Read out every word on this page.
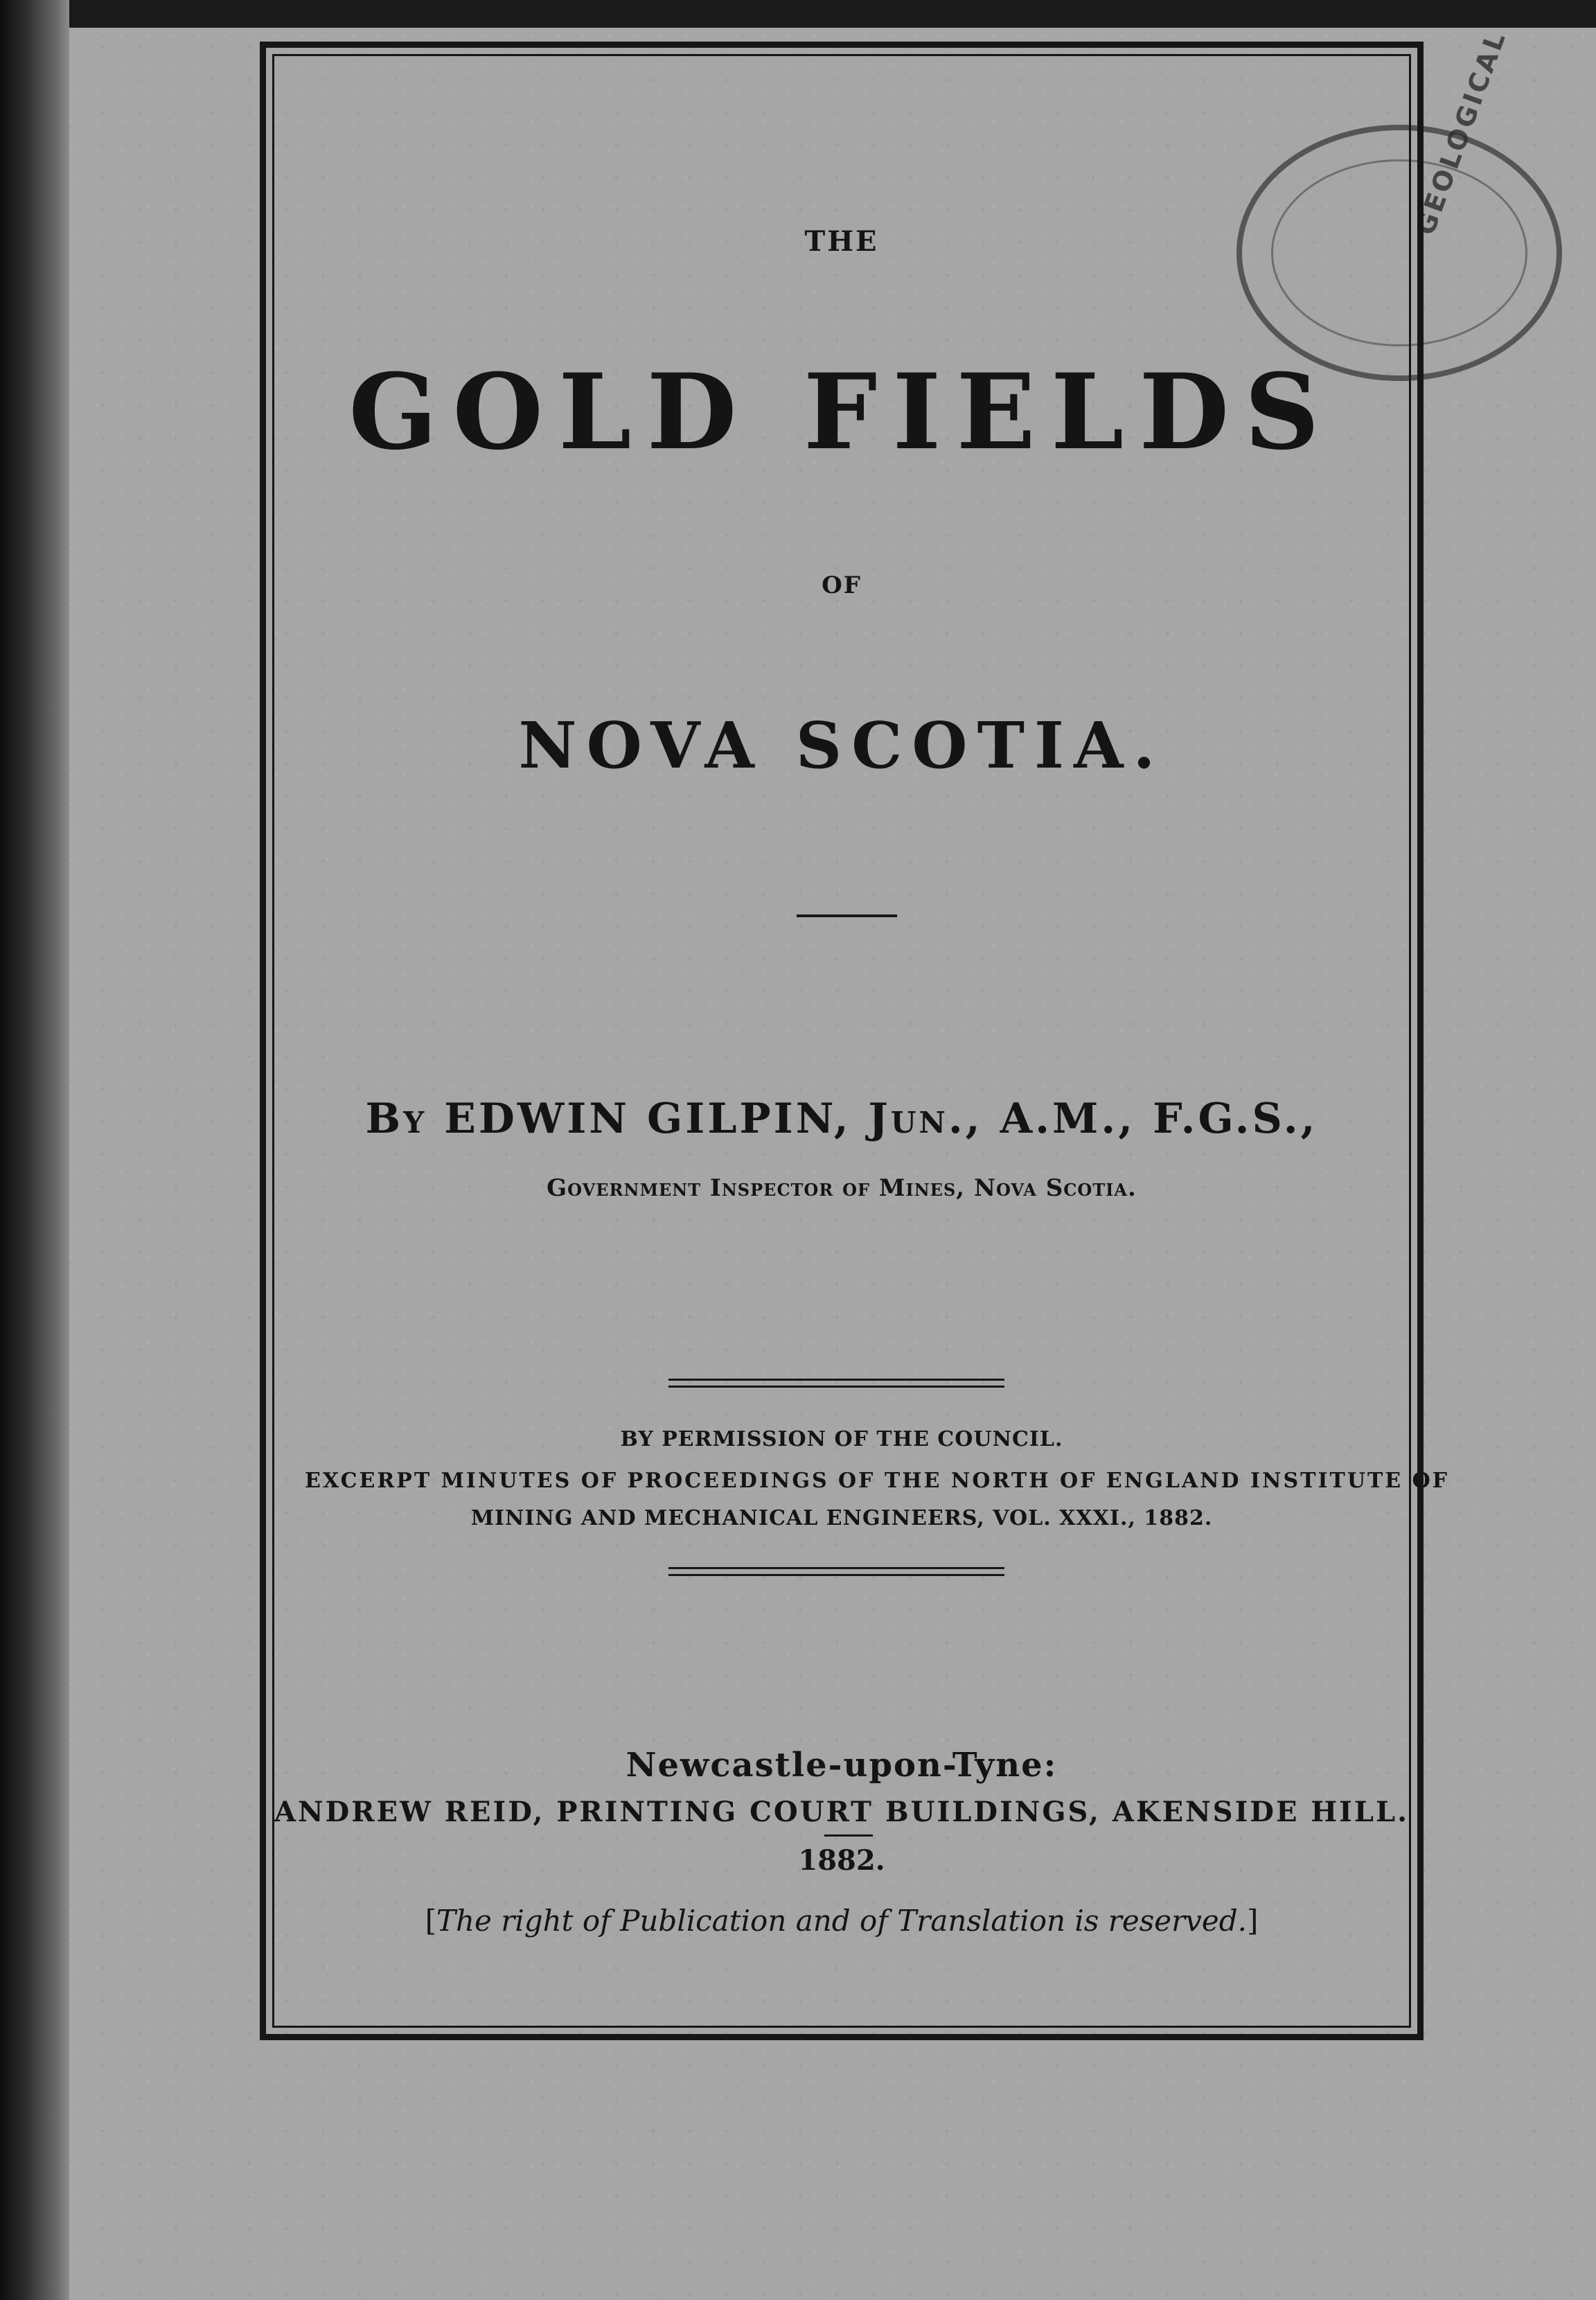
GEOLOGICAL
THE
GOLD FIELDS
OF
NOVA SCOTIA.
By EDWIN GILPIN, Jun., A.M., F.G.S.,
Government Inspector of Mines, Nova Scotia.
BY PERMISSION OF THE COUNCIL.
EXCERPT MINUTES OF PROCEEDINGS OF THE NORTH OF ENGLAND INSTITUTE OF
MINING AND MECHANICAL ENGINEERS, VOL. XXXI., 1882.
Newcastle-upon-Tyne:
ANDREW REID, PRINTING COURT BUILDINGS, AKENSIDE HILL.
1882.
[The right of Publication and of Translation is reserved.]
